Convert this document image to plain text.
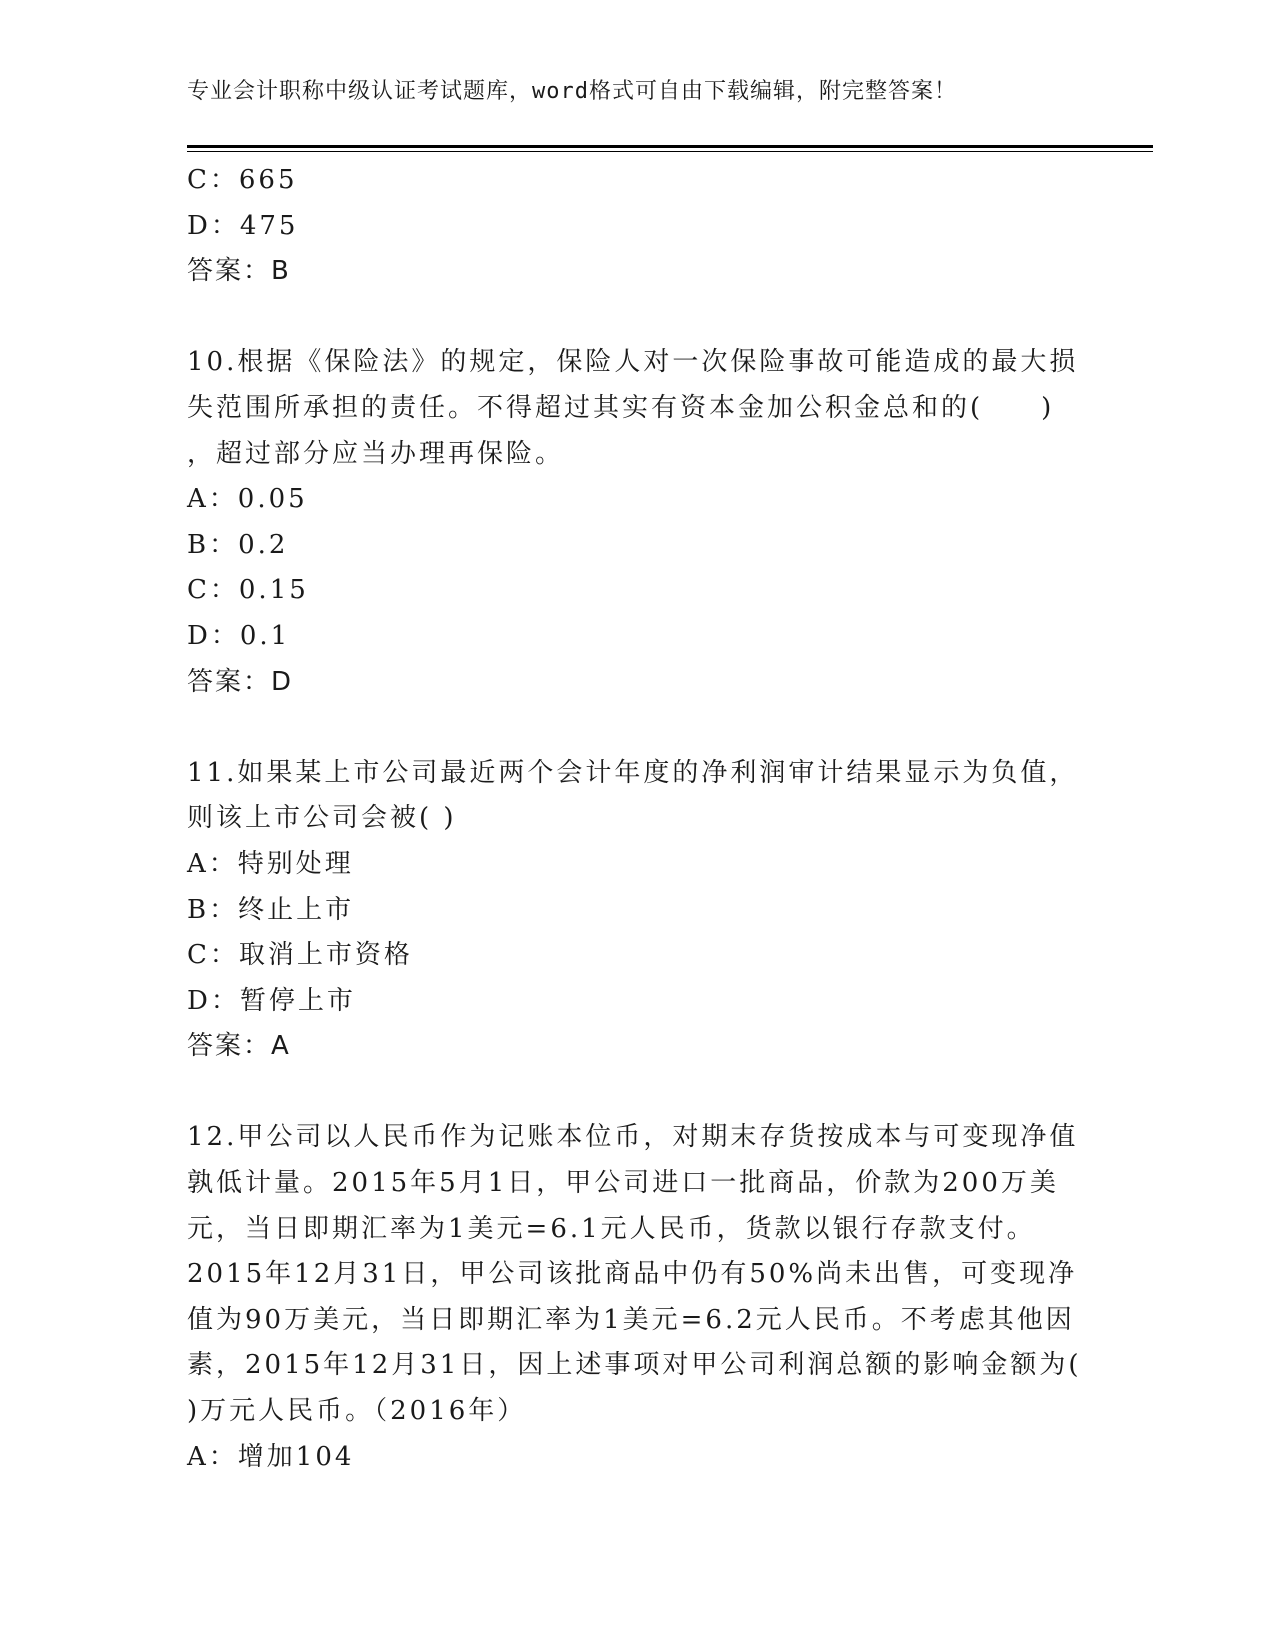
专业会计职称中级认证考试题库，word格式可自由下载编辑，附完整答案！
C：665
D：475
答案：B
10.根据《保险法》的规定，保险人对一次保险事故可能造成的最大损
失范围所承担的责任。不得超过其实有资本金加公积金总和的(　　)
，超过部分应当办理再保险。
A：0.05
B：0.2
C：0.15
D：0.1
答案：D
11.如果某上市公司最近两个会计年度的净利润审计结果显示为负值，
则该上市公司会被( )
A：特别处理
B：终止上市
C：取消上市资格
D：暂停上市
答案：A
12.甲公司以人民币作为记账本位币，对期末存货按成本与可变现净值
孰低计量。2015年5月1日，甲公司进口一批商品，价款为200万美
元，当日即期汇率为1美元=6.1元人民币，货款以银行存款支付。
2015年12月31日，甲公司该批商品中仍有50%尚未出售，可变现净
值为90万美元，当日即期汇率为1美元=6.2元人民币。不考虑其他因
素，2015年12月31日，因上述事项对甲公司利润总额的影响金额为(
)万元人民币。（2016年）
A：增加104
